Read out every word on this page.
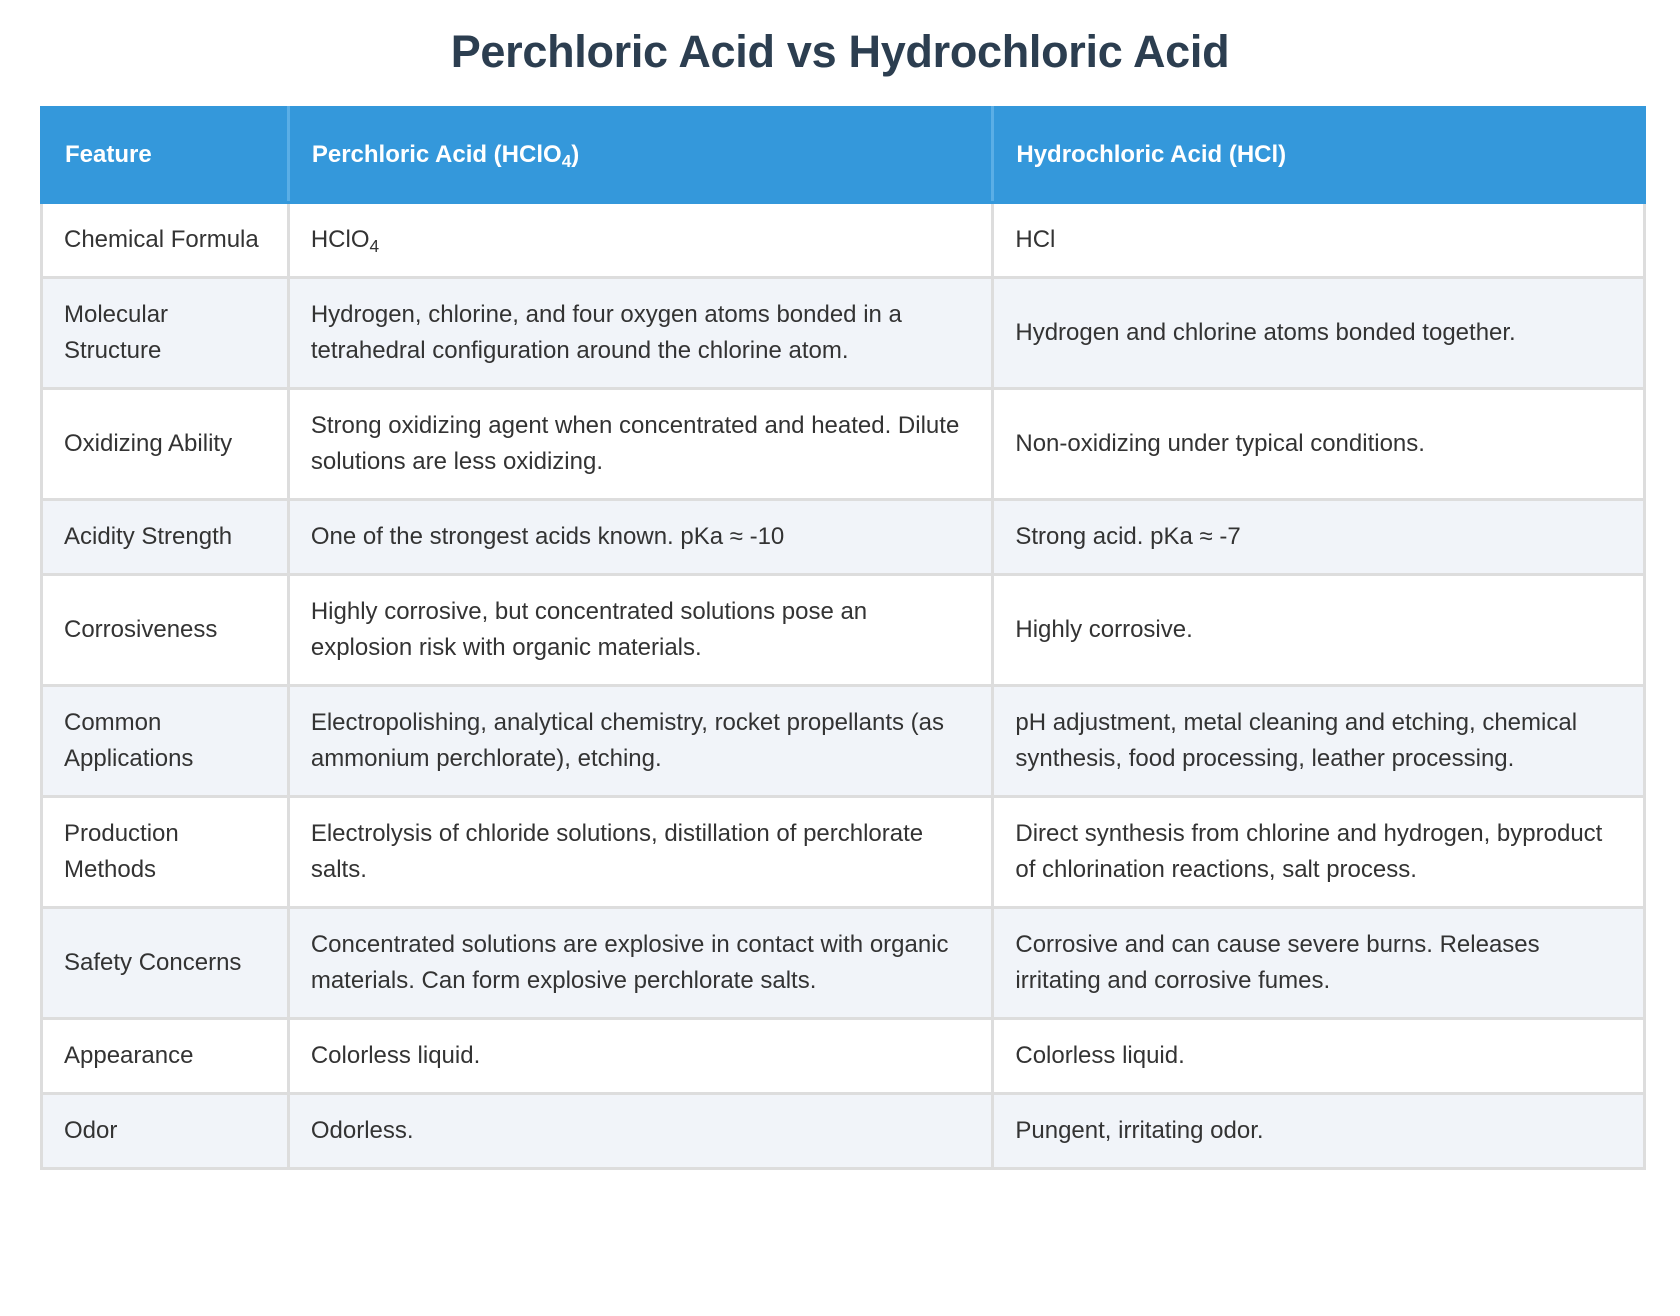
Perchloric Acid vs Hydrochloric Acid
Feature	Perchloric Acid (HClO$_4$)	Hydrochloric Acid (HCl)
Chemical Formula	HClO$_4$	HCl
Molecular Structure	Hydrogen, chlorine, and four oxygen atoms bonded in a tetrahedral configuration around the chlorine atom.	Hydrogen and chlorine atoms bonded together.
Oxidizing Ability	Strong oxidizing agent when concentrated and heated. Dilute solutions are less oxidizing.	Non-oxidizing under typical conditions.
Acidity Strength	One of the strongest acids known. pKa ≈ -10	Strong acid. pKa ≈ -7
Corrosiveness	Highly corrosive, but concentrated solutions pose an explosion risk with organic materials.	Highly corrosive.
Common Applications	Electropolishing, analytical chemistry, rocket propellants (as ammonium perchlorate), etching.	pH adjustment, metal cleaning and etching, chemical synthesis, food processing, leather processing.
Production Methods	Electrolysis of chloride solutions, distillation of perchlorate salts.	Direct synthesis from chlorine and hydrogen, byproduct of chlorination reactions, salt process.
Safety Concerns	Concentrated solutions are explosive in contact with organic materials. Can form explosive perchlorate salts.	Corrosive and can cause severe burns. Releases irritating and corrosive fumes.
Appearance	Colorless liquid.	Colorless liquid.
Odor	Odorless.	Pungent, irritating odor.
